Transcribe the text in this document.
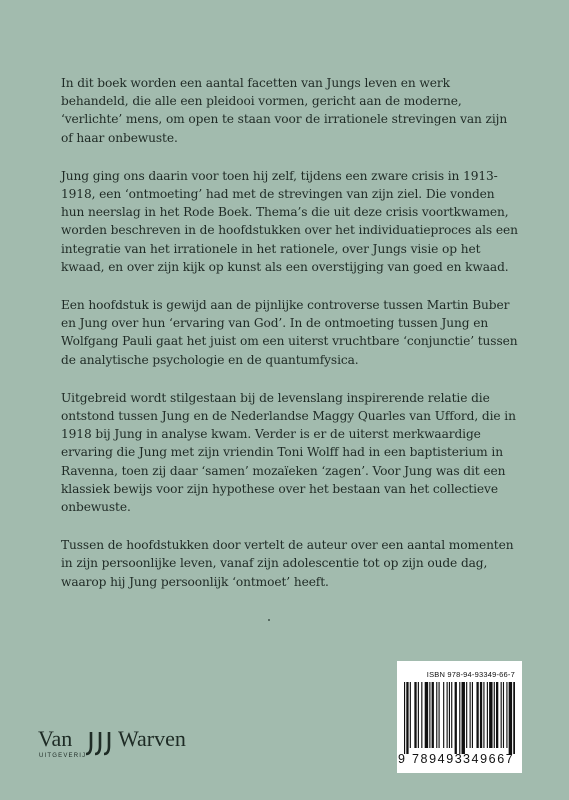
In dit boek worden een aantal facetten van Jungs leven en werk behandeld, die alle een pleidooi vormen, gericht aan de moderne, ‘verlichte’ mens, om open te staan voor de irrationele strevingen van zijn of haar onbewuste.

Jung ging ons daarin voor toen hij zelf, tijdens een zware crisis in 1913-1918, een ‘ontmoeting’ had met de strevingen van zijn ziel. Die vonden hun neerslag in het Rode Boek. Thema’s die uit deze crisis voortkwamen, worden beschreven in de hoofdstukken over het individuatieproces als een integratie van het irrationele in het rationele, over Jungs visie op het kwaad, en over zijn kijk op kunst als een overstijging van goed en kwaad.

Een hoofdstuk is gewijd aan de pijnlijke controverse tussen Martin Buber en Jung over hun ‘ervaring van God’. In de ontmoeting tussen Jung en Wolfgang Pauli gaat het juist om een uiterst vruchtbare ‘conjunctie’ tussen de analytische psychologie en de quantumfysica.

Uitgebreid wordt stilgestaan bij de levenslang inspirerende relatie die ontstond tussen Jung en de Nederlandse Maggy Quarles van Ufford, die in 1918 bij Jung in analyse kwam. Verder is er de uiterst merkwaardige ervaring die Jung met zijn vriendin Toni Wolff had in een baptisterium in Ravenna, toen zij daar ‘samen’ mozaïeken ‘zagen’. Voor Jung was dit een klassiek bewijs voor zijn hypothese over het bestaan van het collectieve onbewuste.

Tussen de hoofdstukken door vertelt de auteur over een aantal momenten in zijn persoonlijke leven, vanaf zijn adolescentie tot op zijn oude dag, waarop hij Jung persoonlijk ‘ontmoet’ heeft.

Van
UITGEVERIJ
Warven
ISBN 978-94-93349-66-7
9 789493 349667
